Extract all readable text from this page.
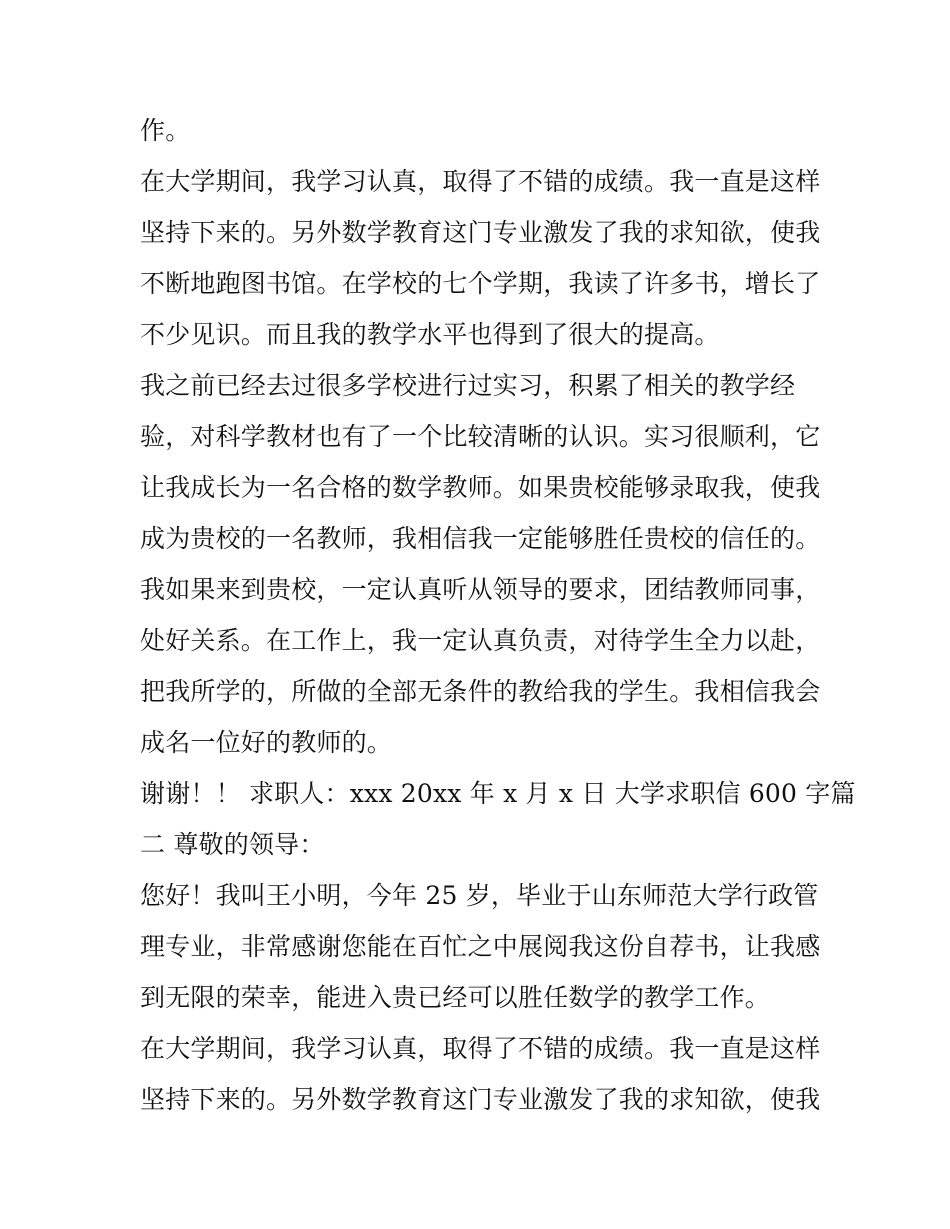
作。
在大学期间，我学习认真，取得了不错的成绩。我一直是这样
坚持下来的。另外数学教育这门专业激发了我的求知欲，使我
不断地跑图书馆。在学校的七个学期，我读了许多书，增长了
不少见识。而且我的教学水平也得到了很大的提高。
我之前已经去过很多学校进行过实习，积累了相关的教学经
验，对科学教材也有了一个比较清晰的认识。实习很顺利，它
让我成长为一名合格的数学教师。如果贵校能够录取我，使我
成为贵校的一名教师，我相信我一定能够胜任贵校的信任的。
我如果来到贵校，一定认真听从领导的要求，团结教师同事，
处好关系。在工作上，我一定认真负责，对待学生全力以赴，
把我所学的，所做的全部无条件的教给我的学生。我相信我会
成名一位好的教师的。
谢谢！！ 求职人：xxx 20xx 年 x 月 x 日 大学求职信 600 字篇
二 尊敬的领导：
您好！我叫王小明，今年 25 岁，毕业于山东师范大学行政管
理专业，非常感谢您能在百忙之中展阅我这份自荐书，让我感
到无限的荣幸，能进入贵已经可以胜任数学的教学工作。
在大学期间，我学习认真，取得了不错的成绩。我一直是这样
坚持下来的。另外数学教育这门专业激发了我的求知欲，使我
